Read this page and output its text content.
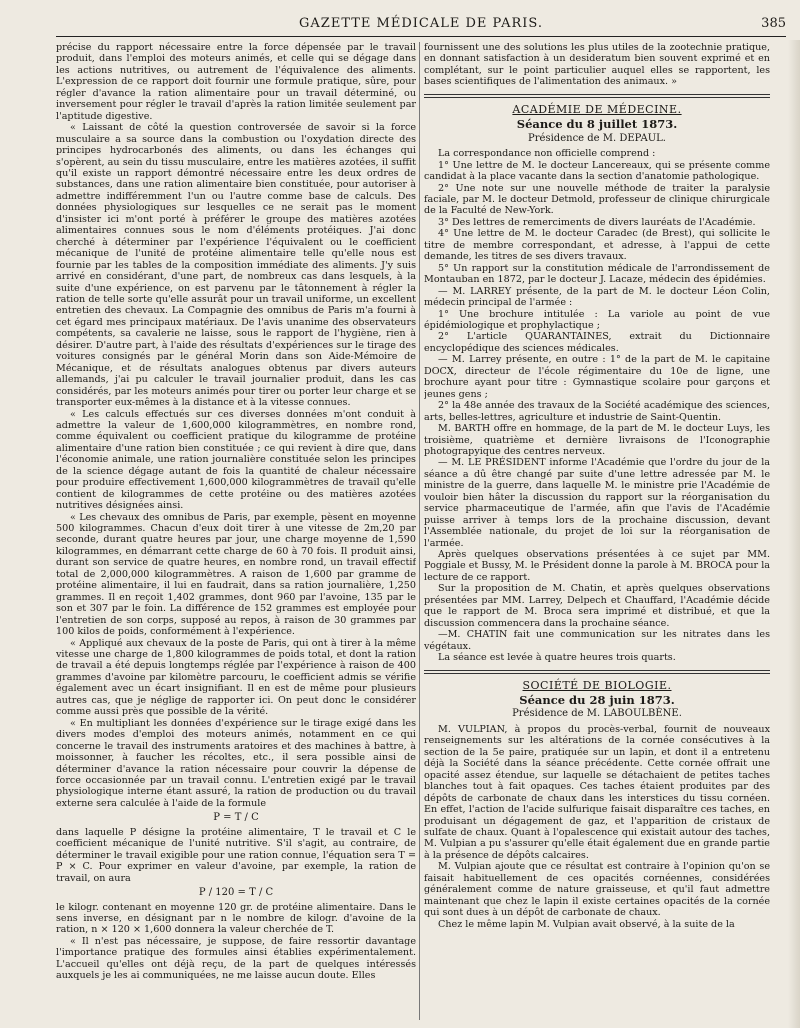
GAZETTE MÉDICALE DE PARIS.	385

précise du rapport nécessaire entre la force dépensée par le travail produit, dans l'emploi des moteurs animés, et celle qui se dégage dans les actions nutritives, ou autrement de l'équivalence des aliments. L'expression de ce rapport doit fournir une formule pratique, sûre, pour régler d'avance la ration alimentaire pour un travail déterminé, ou inversement pour régler le travail d'après la ration limitée seulement par l'aptitude digestive.

« Laissant de côté la question controversée de savoir si la force musculaire a sa source dans la combustion ou l'oxydation directe des principes hydrocarbonés des aliments, ou dans les échanges qui s'opèrent, au sein du tissu musculaire, entre les matières azotées, il suffit qu'il existe un rapport démontré nécessaire entre les deux ordres de substances, dans une ration alimentaire bien constituée, pour autoriser à admettre indifféremment l'un ou l'autre comme base de calculs. Des données physiologiques sur lesquelles ce ne serait pas le moment d'insister ici m'ont porté à préférer le groupe des matières azotées alimentaires connues sous le nom d'éléments protéiques. J'ai donc cherché à déterminer par l'expérience l'équivalent ou le coefficient mécanique de l'unité de protéine alimentaire telle qu'elle nous est fournie par les tables de la composition immédiate des aliments. J'y suis arrivé en considérant, d'une part, de nombreux cas dans lesquels, à la suite d'une expérience, on est parvenu par le tâtonnement à régler la ration de telle sorte qu'elle assurât pour un travail uniforme, un excellent entretien des chevaux. La Compagnie des omnibus de Paris m'a fourni à cet égard mes principaux matériaux. De l'avis unanime des observateurs compétents, sa cavalerie ne laisse, sous le rapport de l'hygiène, rien à désirer. D'autre part, à l'aide des résultats d'expériences sur le tirage des voitures consignés par le général Morin dans son Aide-Mémoire de Mécanique, et de résultats analogues obtenus par divers auteurs allemands, j'ai pu calculer le travail journalier produit, dans les cas considérés, par les moteurs animés pour tirer ou porter leur charge et se transporter eux-mêmes à la distance et à la vitesse connues.

« Les calculs effectués sur ces diverses données m'ont conduit à admettre la valeur de 1,600,000 kilogrammètres, en nombre rond, comme équivalent ou coefficient pratique du kilogramme de protéine alimentaire d'une ration bien constituée ; ce qui revient à dire que, dans l'économie animale, une ration journalière constituée selon les principes de la science dégage autant de fois la quantité de chaleur nécessaire pour produire effectivement 1,600,000 kilogrammètres de travail qu'elle contient de kilogrammes de cette protéine ou des matières azotées nutritives désignées ainsi.

« Les chevaux des omnibus de Paris, par exemple, pèsent en moyenne 500 kilogrammes. Chacun d'eux doit tirer à une vitesse de 2m,20 par seconde, durant quatre heures par jour, une charge moyenne de 1,590 kilogrammes, en démarrant cette charge de 60 à 70 fois. Il produit ainsi, durant son service de quatre heures, en nombre rond, un travail effectif total de 2,000,000 kilogrammètres. A raison de 1,600 par gramme de protéine alimentaire, il lui en faudrait, dans sa ration journalière, 1,250 grammes. Il en reçoit 1,402 grammes, dont 960 par l'avoine, 135 par le son et 307 par le foin. La différence de 152 grammes est employée pour l'entretien de son corps, supposé au repos, à raison de 30 grammes par 100 kilos de poids, conformément à l'expérience.

« Appliqué aux chevaux de la poste de Paris, qui ont à tirer à la même vitesse une charge de 1,800 kilogrammes de poids total, et dont la ration de travail a été depuis longtemps réglée par l'expérience à raison de 400 grammes d'avoine par kilomètre parcouru, le coefficient admis se vérifie également avec un écart insignifiant. Il en est de même pour plusieurs autres cas, que je néglige de rapporter ici. On peut donc le considérer comme aussi près que possible de la vérité.

« En multipliant les données d'expérience sur le tirage exigé dans les divers modes d'emploi des moteurs animés, notamment en ce qui concerne le travail des instruments aratoires et des machines à battre, à moissonner, à faucher les récoltes, etc., il sera possible ainsi de déterminer d'avance la ration nécessaire pour couvrir la dépense de force occasionnée par un travail connu. L'entretien exigé par le travail physiologique interne étant assuré, la ration de production ou du travail externe sera calculée à l'aide de la formule

P = T / C

dans laquelle P désigne la protéine alimentaire, T le travail et C le coefficient mécanique de l'unité nutritive. S'il s'agit, au contraire, de déterminer le travail exigible pour une ration connue, l'équation sera T = P × C. Pour exprimer en valeur d'avoine, par exemple, la ration de travail, on aura

P / 120 = T / C

le kilogr. contenant en moyenne 120 gr. de protéine alimentaire. Dans le sens inverse, en désignant par n le nombre de kilogr. d'avoine de la ration, n × 120 × 1,600 donnera la valeur cherchée de T.

« Il n'est pas nécessaire, je suppose, de faire ressortir davantage l'importance pratique des formules ainsi établies expérimentalement. L'accueil qu'elles ont déjà reçu, de la part de quelques intéressés auxquels je les ai communiquées, ne me laisse aucun doute. Elles

fournissent une des solutions les plus utiles de la zootechnie pratique, en donnant satisfaction à un desideratum bien souvent exprimé et en complétant, sur le point particulier auquel elles se rapportent, les bases scientifiques de l'alimentation des animaux. »

ACADÉMIE DE MÉDECINE.
Séance du 8 juillet 1873.
Présidence de M. DEPAUL.

La correspondance non officielle comprend :

1° Une lettre de M. le docteur Lancereaux, qui se présente comme candidat à la place vacante dans la section d'anatomie pathologique.

2° Une note sur une nouvelle méthode de traiter la paralysie faciale, par M. le docteur Detmold, professeur de clinique chirurgicale de la Faculté de New-York.

3° Des lettres de remerciments de divers lauréats de l'Académie.

4° Une lettre de M. le docteur Caradec (de Brest), qui sollicite le titre de membre correspondant, et adresse, à l'appui de cette demande, les titres de ses divers travaux.

5° Un rapport sur la constitution médicale de l'arrondissement de Montauban en 1872, par le docteur J. Lacaze, médecin des épidémies.

— M. LARREY présente, de la part de M. le docteur Léon Colin, médecin principal de l'armée :

1° Une brochure intitulée : La variole au point de vue épidémiologique et prophylactique ;

2° L'article QUARANTAINES, extrait du Dictionnaire encyclopédique des sciences médicales.

— M. Larrey présente, en outre : 1° de la part de M. le capitaine DOCX, directeur de l'école régimentaire du 10e de ligne, une brochure ayant pour titre : Gymnastique scolaire pour garçons et jeunes gens ;

2° la 48e année des travaux de la Société académique des sciences, arts, belles-lettres, agriculture et industrie de Saint-Quentin.

M. BARTH offre en hommage, de la part de M. le docteur Luys, les troisième, quatrième et dernière livraisons de l'Iconographie photograpyique des centres nerveux.

— M. LE PRÉSIDENT informe l'Académie que l'ordre du jour de la séance a dû être changé par suite d'une lettre adressée par M. le ministre de la guerre, dans laquelle M. le ministre prie l'Académie de vouloir bien hâter la discussion du rapport sur la réorganisation du service pharmaceutique de l'armée, afin que l'avis de l'Académie puisse arriver à temps lors de la prochaine discussion, devant l'Assemblée nationale, du projet de loi sur la réorganisation de l'armée.

Après quelques observations présentées à ce sujet par MM. Poggiale et Bussy, M. le Président donne la parole à M. BROCA pour la lecture de ce rapport.

Sur la proposition de M. Chatin, et après quelques observations présentées par MM. Larrey, Delpech et Chauffard, l'Académie décide que le rapport de M. Broca sera imprimé et distribué, et que la discussion commencera dans la prochaine séance.

—M. CHATIN fait une communication sur les nitrates dans les végétaux.

La séance est levée à quatre heures trois quarts.

SOCIÉTÉ DE BIOLOGIE.
Séance du 28 juin 1873.
Présidence de M. LABOULBÈNE.

M. VULPIAN, à propos du procès-verbal, fournit de nouveaux renseignements sur les altérations de la cornée consécutives à la section de la 5e paire, pratiquée sur un lapin, et dont il a entretenu déjà la Société dans la séance précédente. Cette cornée offrait une opacité assez étendue, sur laquelle se détachaient de petites taches blanches tout à fait opaques. Ces taches étaient produites par des dépôts de carbonate de chaux dans les interstices du tissu cornéen. En effet, l'action de l'acide sulfurique faisait disparaître ces taches, en produisant un dégagement de gaz, et l'apparition de cristaux de sulfate de chaux. Quant à l'opalescence qui existait autour des taches, M. Vulpian a pu s'assurer qu'elle était également due en grande partie à la présence de dépôts calcaires.

M. Vulpian ajoute que ce résultat est contraire à l'opinion qu'on se faisait habituellement de ces opacités cornéennes, considérées généralement comme de nature graisseuse, et qu'il faut admettre maintenant que chez le lapin il existe certaines opacités de la cornée qui sont dues à un dépôt de carbonate de chaux.

Chez le même lapin M. Vulpian avait observé, à la suite de la
